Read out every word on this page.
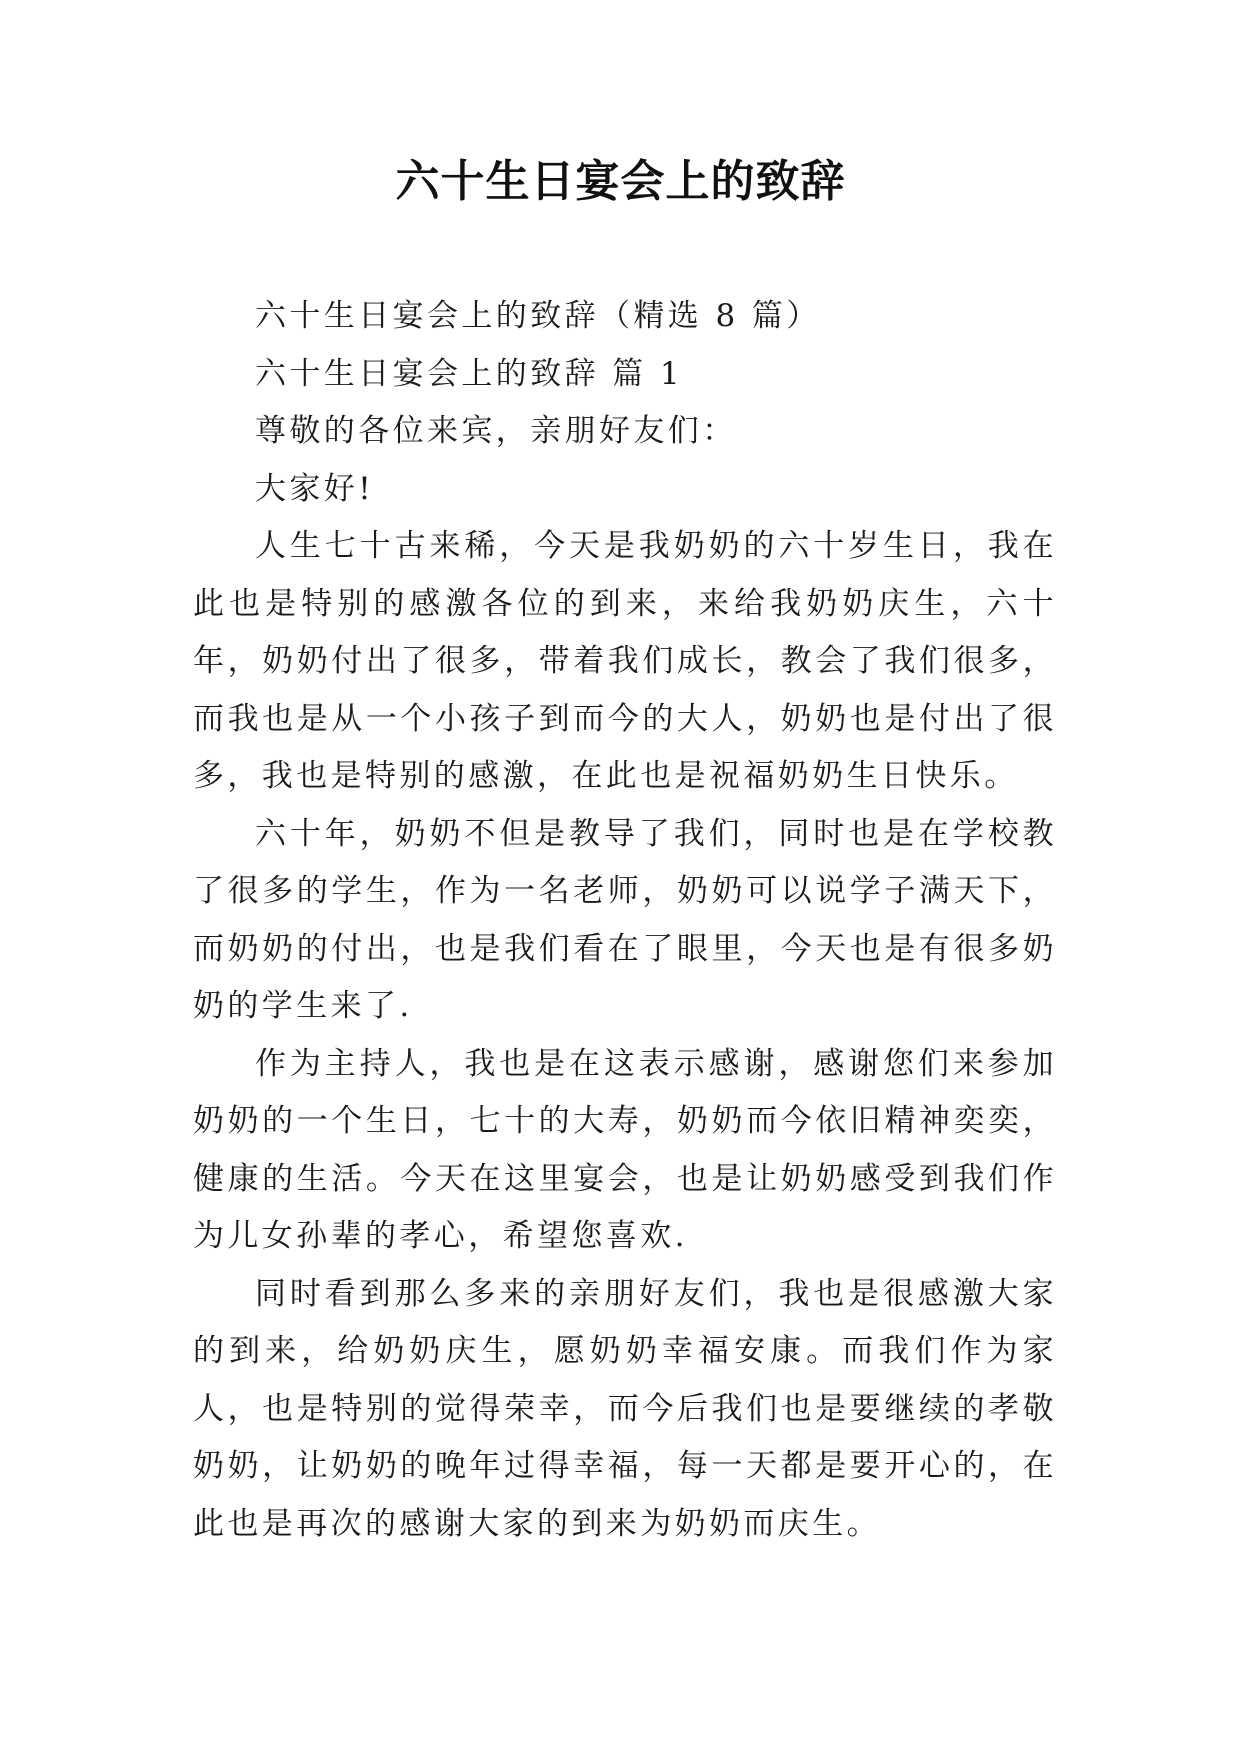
六十生日宴会上的致辞

六十生日宴会上的致辞（精选 8 篇）

六十生日宴会上的致辞 篇 1

尊敬的各位来宾，亲朋好友们：

大家好!

人生七十古来稀，今天是我奶奶的六十岁生日，我在此也是特别的感激各位的到来，来给我奶奶庆生，六十年，奶奶付出了很多，带着我们成长，教会了我们很多，而我也是从一个小孩子到而今的大人，奶奶也是付出了很多，我也是特别的感激，在此也是祝福奶奶生日快乐。

六十年，奶奶不但是教导了我们，同时也是在学校教了很多的学生，作为一名老师，奶奶可以说学子满天下，而奶奶的付出，也是我们看在了眼里，今天也是有很多奶奶的学生来了.

作为主持人，我也是在这表示感谢，感谢您们来参加奶奶的一个生日，七十的大寿，奶奶而今依旧精神奕奕，健康的生活。今天在这里宴会，也是让奶奶感受到我们作为儿女孙辈的孝心，希望您喜欢.

同时看到那么多来的亲朋好友们，我也是很感激大家的到来，给奶奶庆生，愿奶奶幸福安康。而我们作为家人，也是特别的觉得荣幸，而今后我们也是要继续的孝敬奶奶，让奶奶的晚年过得幸福，每一天都是要开心的，在此也是再次的感谢大家的到来为奶奶而庆生。
